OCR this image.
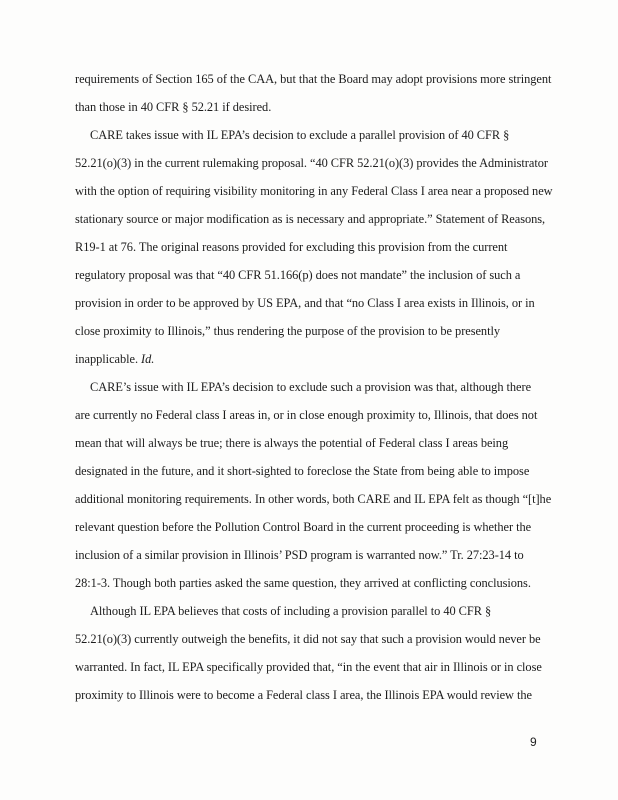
requirements of Section 165 of the CAA, but that the Board may adopt provisions more stringent
than those in 40 CFR § 52.21 if desired.
CARE takes issue with IL EPA’s decision to exclude a parallel provision of 40 CFR §
52.21(o)(3) in the current rulemaking proposal. “40 CFR 52.21(o)(3) provides the Administrator
with the option of requiring visibility monitoring in any Federal Class I area near a proposed new
stationary source or major modification as is necessary and appropriate.” Statement of Reasons,
R19-1 at 76. The original reasons provided for excluding this provision from the current
regulatory proposal was that “40 CFR 51.166(p) does not mandate” the inclusion of such a
provision in order to be approved by US EPA, and that “no Class I area exists in Illinois, or in
close proximity to Illinois,” thus rendering the purpose of the provision to be presently
inapplicable. Id.
CARE’s issue with IL EPA’s decision to exclude such a provision was that, although there
are currently no Federal class I areas in, or in close enough proximity to, Illinois, that does not
mean that will always be true; there is always the potential of Federal class I areas being
designated in the future, and it short-sighted to foreclose the State from being able to impose
additional monitoring requirements. In other words, both CARE and IL EPA felt as though “[t]he
relevant question before the Pollution Control Board in the current proceeding is whether the
inclusion of a similar provision in Illinois’ PSD program is warranted now.” Tr. 27:23-14 to
28:1-3. Though both parties asked the same question, they arrived at conflicting conclusions.
Although IL EPA believes that costs of including a provision parallel to 40 CFR §
52.21(o)(3) currently outweigh the benefits, it did not say that such a provision would never be
warranted. In fact, IL EPA specifically provided that, “in the event that air in Illinois or in close
proximity to Illinois were to become a Federal class I area, the Illinois EPA would review the
9
